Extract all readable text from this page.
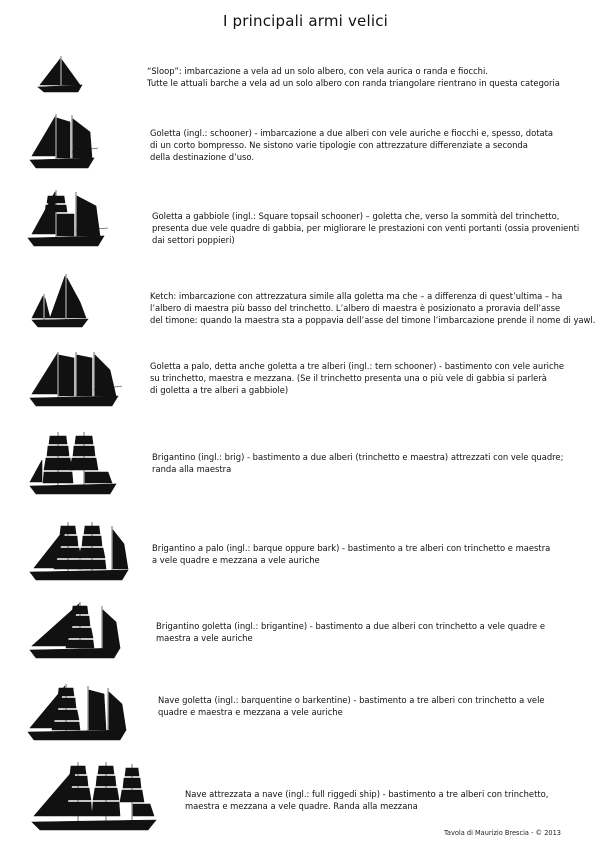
I principali armi velici
“Sloop”: imbarcazione a vela ad un solo albero, con vela aurica o randa e fiocchi.
Tutte le attuali barche a vela ad un solo albero con randa triangolare rientrano in questa categoria
Goletta (ingl.: schooner) - imbarcazione a due alberi con vele auriche e fiocchi e, spesso, dotata
di un corto bompresso. Ne sistono varie tipologie con attrezzature differenziate a seconda
della destinazione d’uso.
Goletta a gabbiole (ingl.: Square topsail schooner) – goletta che, verso la sommità del trinchetto,
presenta due vele quadre di gabbia, per migliorare le prestazioni con venti portanti (ossia provenienti
dai settori poppieri)
Ketch: imbarcazione con attrezzatura simile alla goletta ma che – a differenza di quest’ultima – ha
l’albero di maestra più basso del trinchetto. L’albero di maestra è posizionato a proravia dell’asse
del timone: quando la maestra sta a poppavia dell’asse del timone l’imbarcazione prende il nome di yawl.
Goletta a palo, detta anche goletta a tre alberi (ingl.: tern schooner) - bastimento con vele auriche
su trinchetto, maestra e mezzana. (Se il trinchetto presenta una o più vele di gabbia si parlerà
di goletta a tre alberi a gabbiole)
Brigantino (ingl.: brig) - bastimento a due alberi (trinchetto e maestra) attrezzati con vele quadre;
randa alla maestra
Brigantino a palo (ingl.: barque oppure bark) - bastimento a tre alberi con trinchetto e maestra
a vele quadre e mezzana a vele auriche
Brigantino goletta (ingl.: brigantine) - bastimento a due alberi con trinchetto a vele quadre e
maestra a vele auriche
Nave goletta (ingl.: barquentine o barkentine) - bastimento a tre alberi con trinchetto a vele
quadre e maestra e mezzana a vele auriche
Nave attrezzata a nave (ingl.: full riggedi ship) - bastimento a tre alberi con trinchetto,
maestra e mezzana a vele quadre. Randa alla mezzana
Tavola di Maurizio Brescia - © 2013
